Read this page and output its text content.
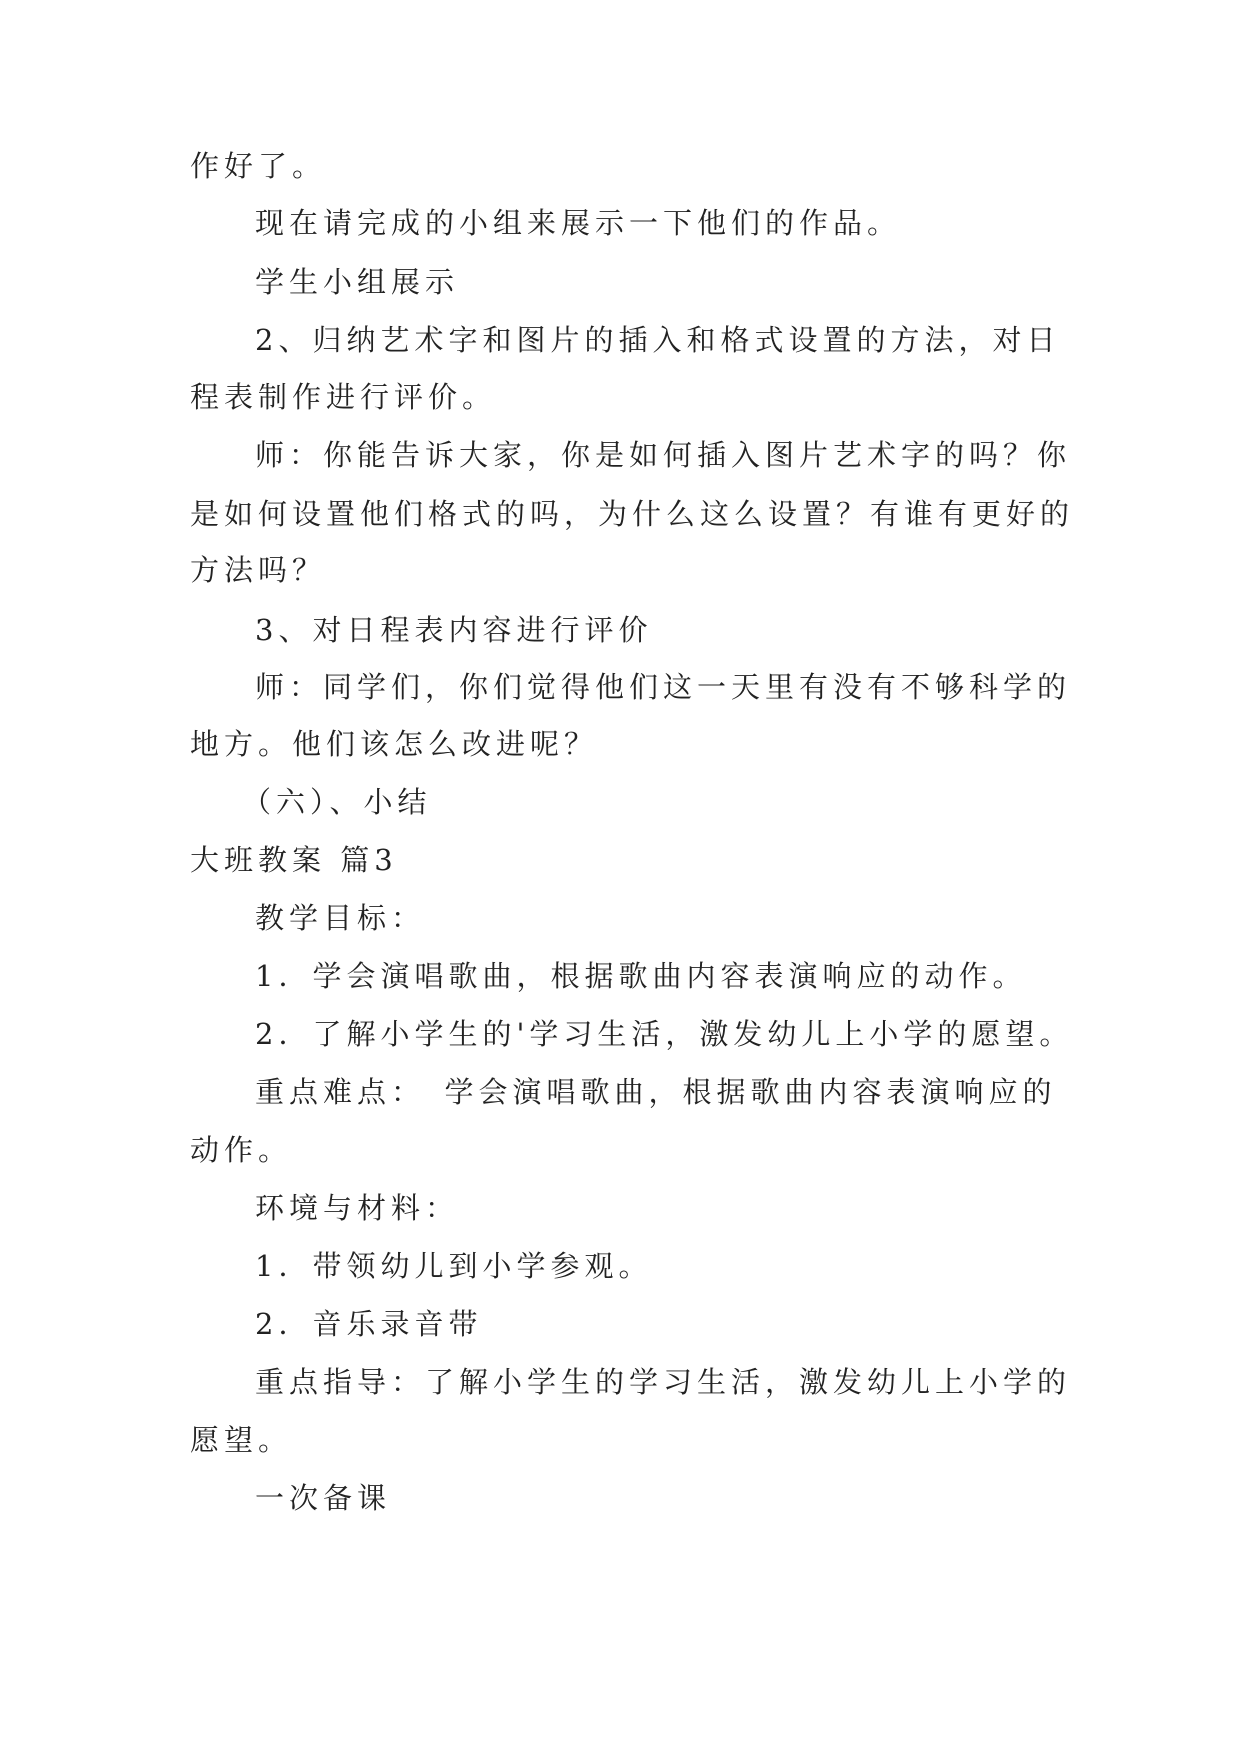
作好了。
现在请完成的小组来展示一下他们的作品。
学生小组展示
2、归纳艺术字和图片的插入和格式设置的方法，对日
程表制作进行评价。
师：你能告诉大家，你是如何插入图片艺术字的吗？你
是如何设置他们格式的吗，为什么这么设置？有谁有更好的
方法吗？
3、对日程表内容进行评价
师：同学们，你们觉得他们这一天里有没有不够科学的
地方。他们该怎么改进呢？
（六）、小结
大班教案 篇3
教学目标：
1．学会演唱歌曲，根据歌曲内容表演响应的动作。
2．了解小学生的'学习生活，激发幼儿上小学的愿望。
重点难点：　学会演唱歌曲，根据歌曲内容表演响应的
动作。
环境与材料：
1．带领幼儿到小学参观。
2．音乐录音带
重点指导：了解小学生的学习生活，激发幼儿上小学的
愿望。
一次备课
